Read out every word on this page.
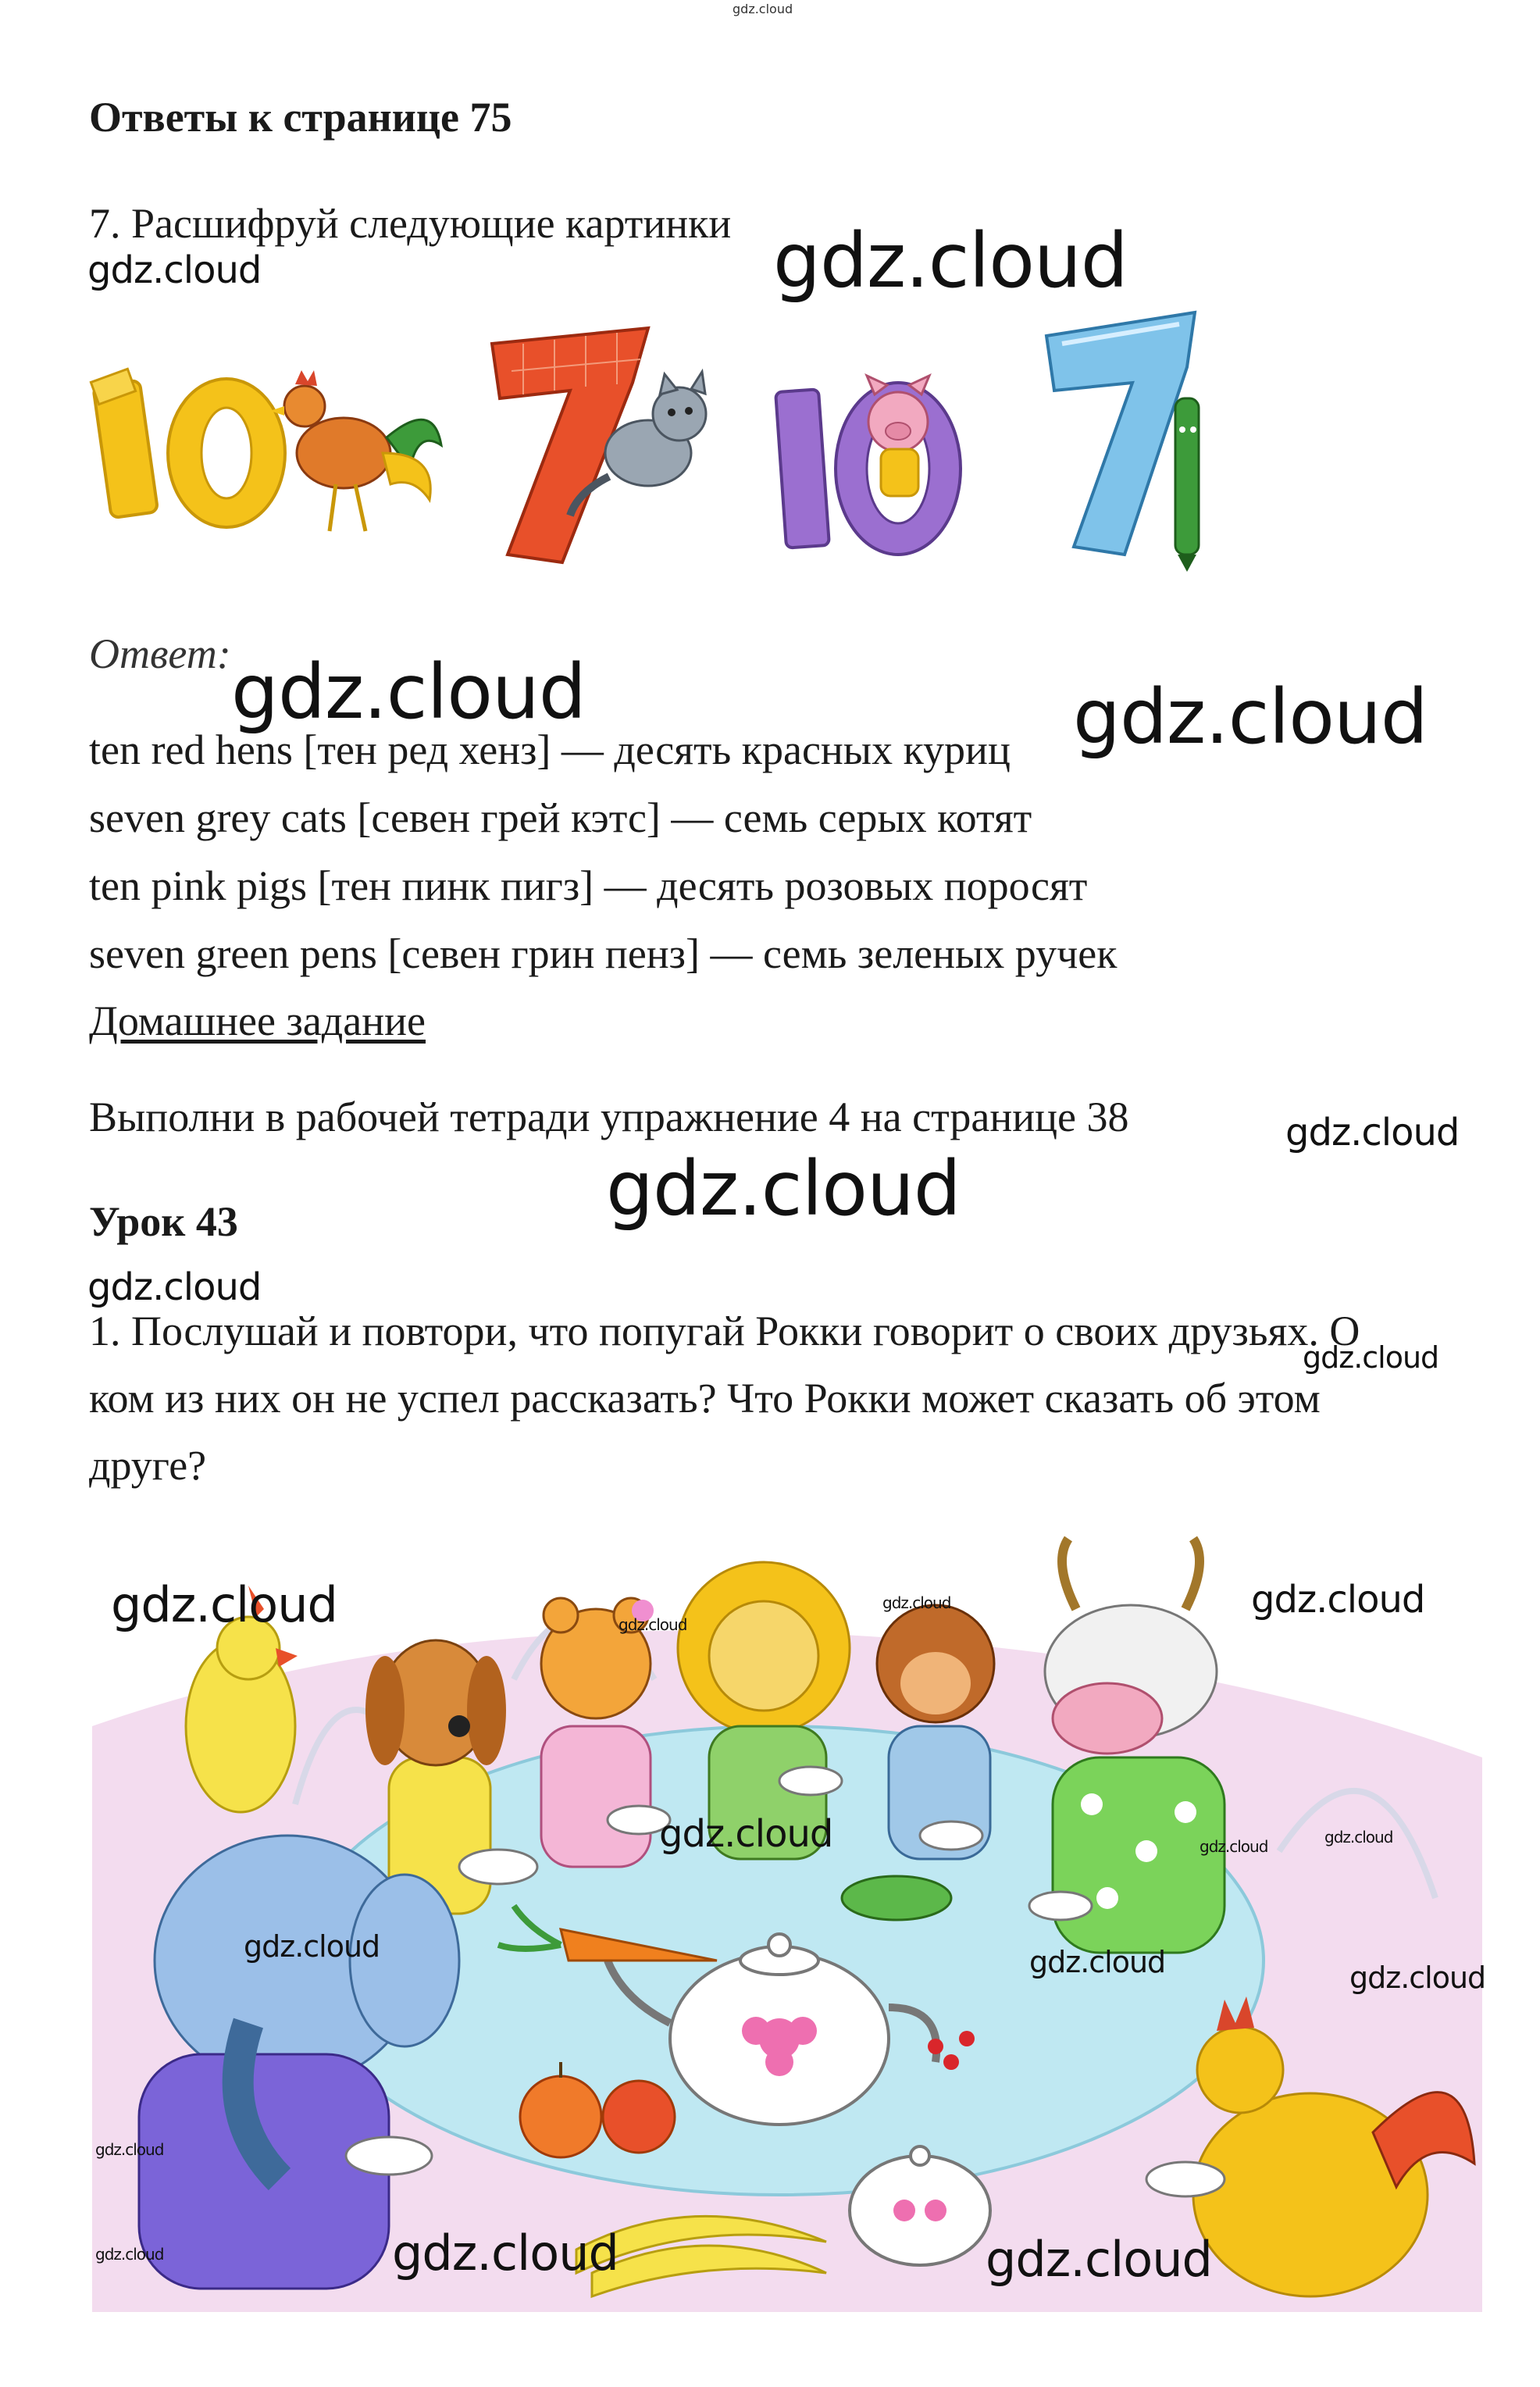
gdz.cloud
Ответы к странице 75
7. Расшифруй следующие картинки
gdz.cloud	gdz.cloud
Ответ: gdz.cloud	gdz.cloud
ten red hens [тен ред хенз] — десять красных куриц
seven grey cats [севен грей кэтс] — семь серых котят
ten pink pigs [тен пинк пигз] — десять розовых поросят
seven green pens [севен грин пенз] — семь зеленых ручек
Домашнее задание
Выполни в рабочей тетради упражнение 4 на странице 38	gdz.cloud
gdz.cloud
Урок 43
gdz.cloud
1. Послушай и повтори, что попугай Рокки говорит о своих друзьях. О
ком из них он не успел рассказать? Что Рокки может сказать об этом
друге?
gdz.cloud
gdz.cloud	gdz.cloud
gdz.cloud
gdz.cloud
gdz.cloud	gdz.cloud	gdz.cloud
gdz.cloud	gdz.cloud	gdz.cloud
gdz.cloud
gdz.cloud	gdz.cloud	gdz.cloud
